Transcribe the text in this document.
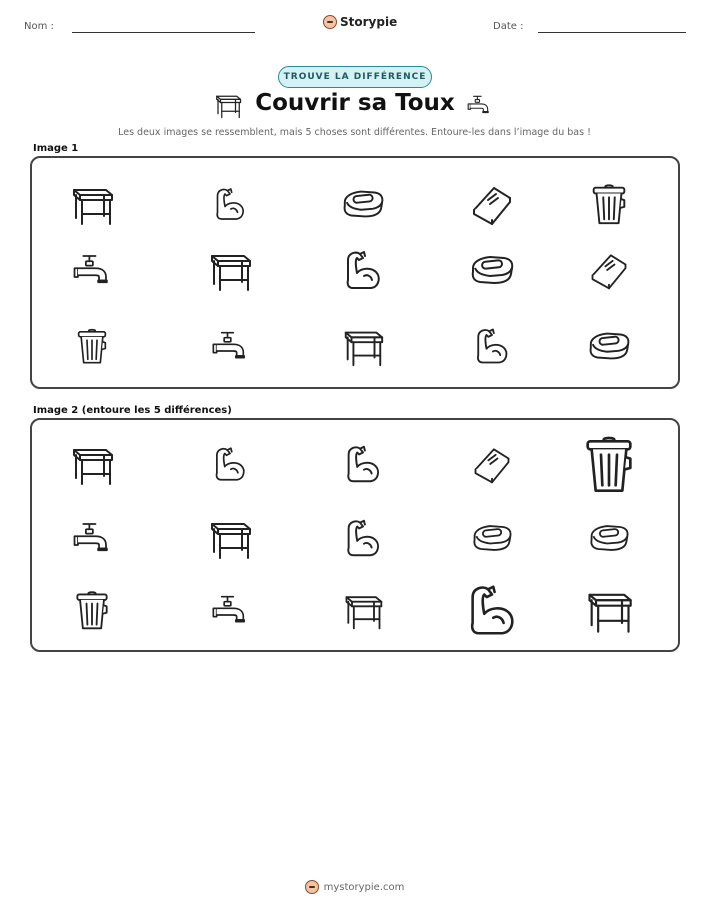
Nom :	Storypie	Date :
TROUVE LA DIFFÉRENCE
Couvrir sa Toux
Les deux images se ressemblent, mais 5 choses sont différentes. Entoure-les dans l’image du bas !
Image 1
Image 2 (entoure les 5 différences)
mystorypie.com
